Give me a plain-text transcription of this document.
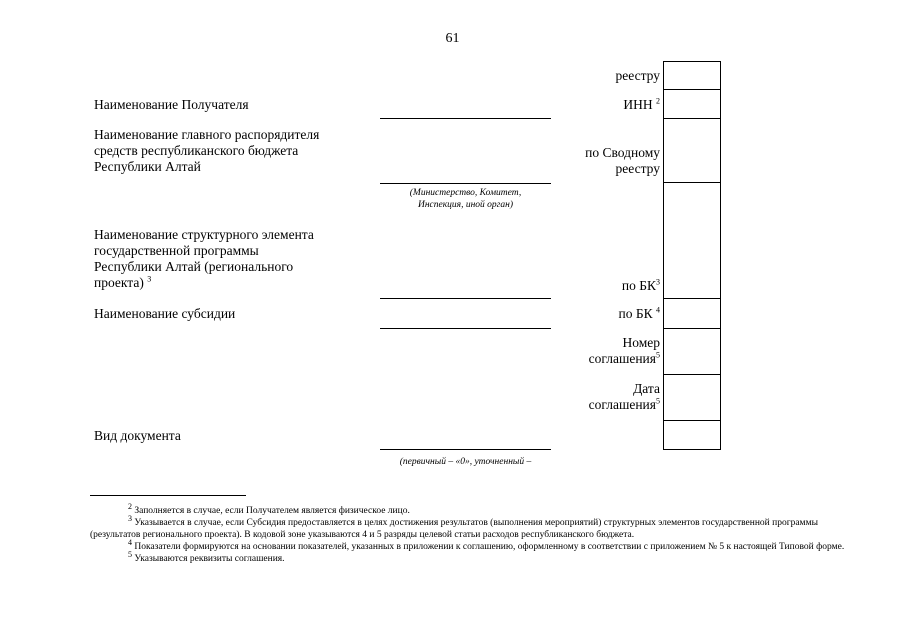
61
Наименование Получателя
Наименование главного распорядителя
средств республиканского бюджета
Республики Алтай
Наименование структурного элемента
государственной программы
Республики Алтай (регионального
проекта) $^3$
Наименование субсидии
Вид документа
(Министерство, Комитет,
Инспекция, иной орган)
(первичный – «0», уточненный –
реестру
ИНН $^2$
по Сводному
реестру
по $БК^3$
по БК $^4$
Номер
соглашения$^5$
Дата
соглашения$^5$

$^2$ Заполняется в случае, если Получателем является физическое лицо.

$^3$ Указывается в случае, если Субсидия предоставляется в целях достижения результатов (выполнения мероприятий) структурных элементов государственной программы (результатов регионального проекта). В кодовой зоне указываются 4 и 5 разряды целевой статьи расходов республиканского бюджета.

$^4$ Показатели формируются на основании показателей, указанных в приложении к соглашению, оформленному в соответствии с приложением № 5 к настоящей Типовой форме.

$^5$ Указываются реквизиты соглашения.
